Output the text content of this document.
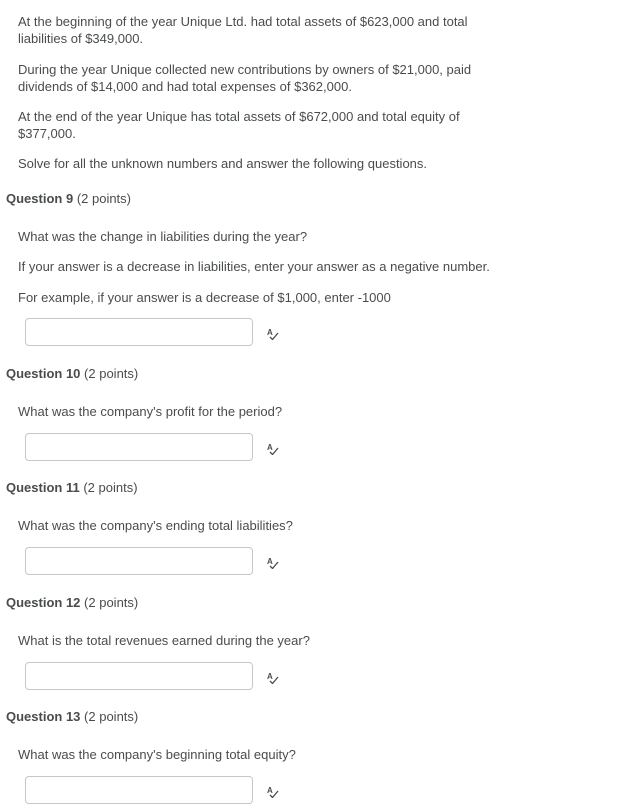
At the beginning of the year Unique Ltd. had total assets of $623,000 and total liabilities of $349,000.

During the year Unique collected new contributions by owners of $21,000, paid dividends of $14,000 and had total expenses of $362,000.

At the end of the year Unique has total assets of $672,000 and total equity of $377,000.

Solve for all the unknown numbers and answer the following questions.

Question 9 (2 points)

What was the change in liabilities during the year?

If your answer is a decrease in liabilities, enter your answer as a negative number.

For example, if your answer is a decrease of $1,000, enter -1000

A
Question 10 (2 points)

What was the company's profit for the period?

A
Question 11 (2 points)

What was the company's ending total liabilities?

A
Question 12 (2 points)

What is the total revenues earned during the year?

A
Question 13 (2 points)

What was the company's beginning total equity?

A
